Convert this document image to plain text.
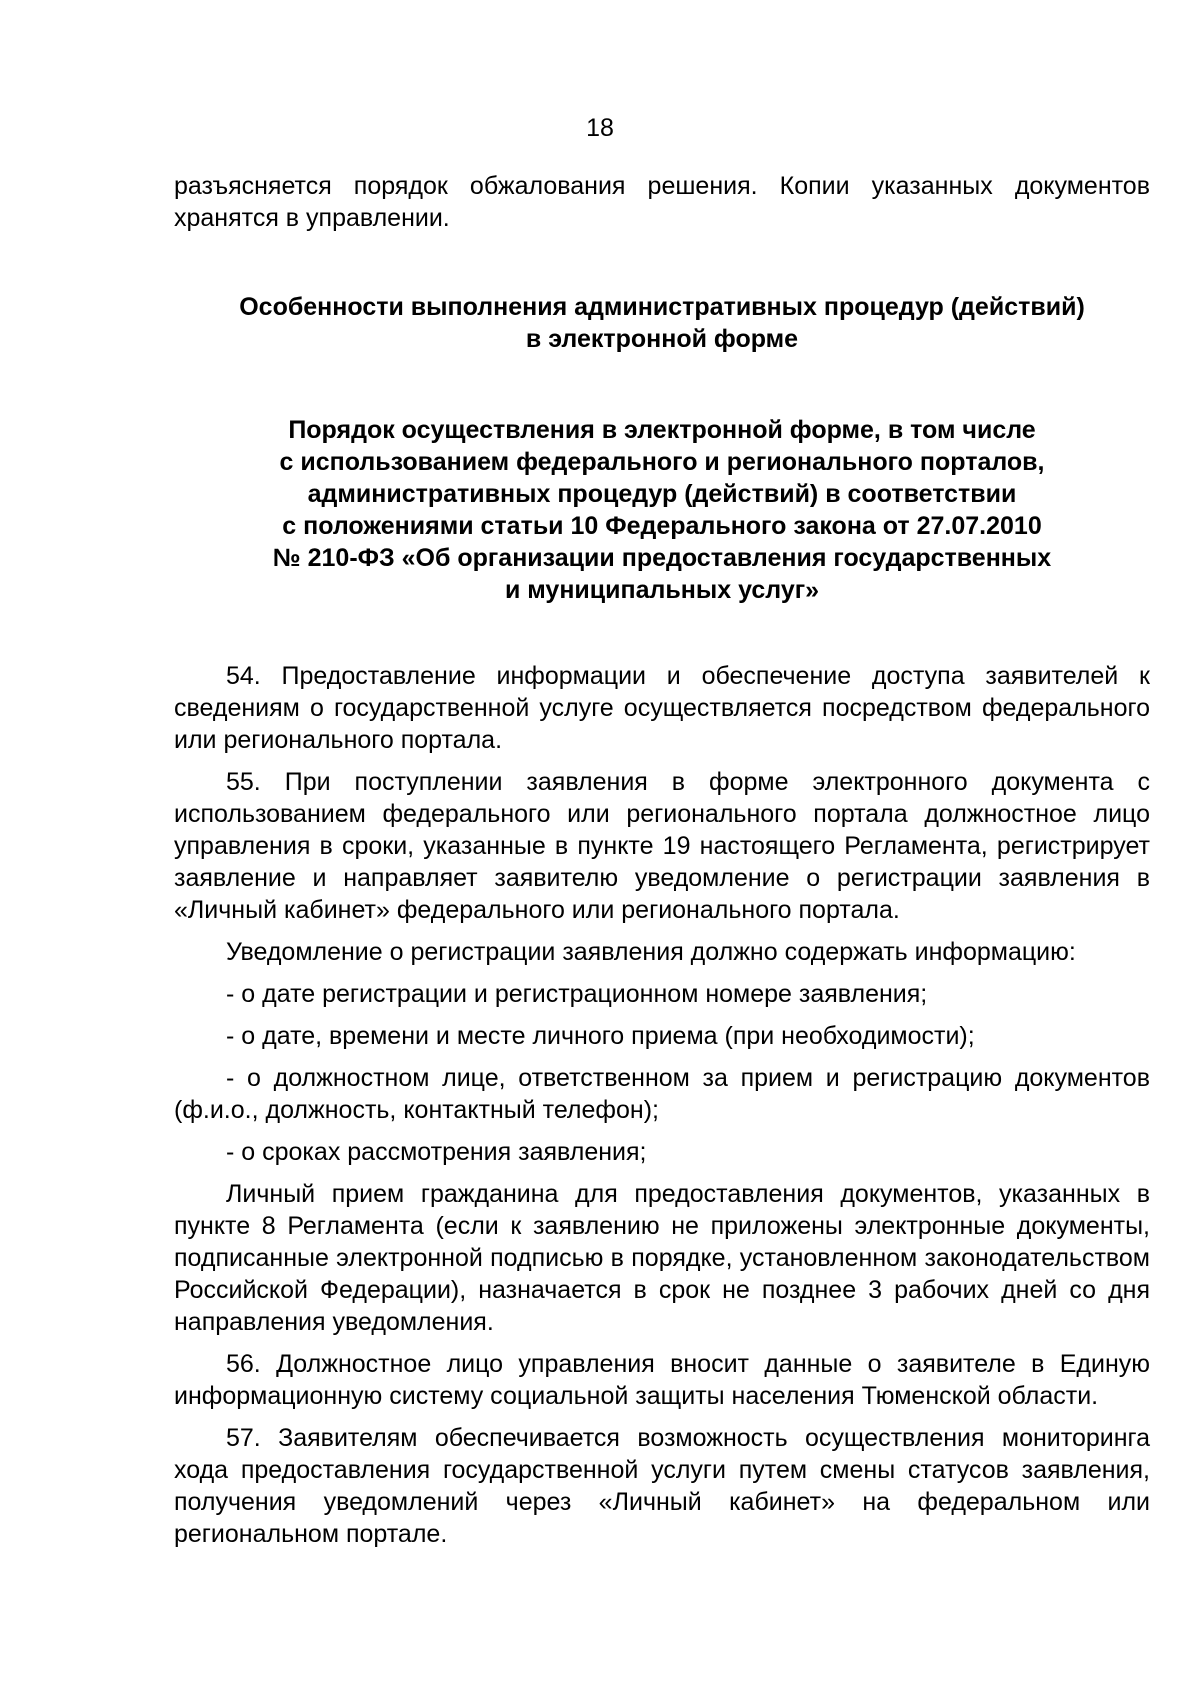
18

разъясняется порядок обжалования решения. Копии указанных документов хранятся в управлении.

Особенности выполнения административных процедур (действий)
в электронной форме
Порядок осуществления в электронной форме, в том числе
с использованием федерального и регионального порталов,
административных процедур (действий) в соответствии
с положениями статьи 10 Федерального закона от 27.07.2010
№ 210-ФЗ «Об организации предоставления государственных
и муниципальных услуг»

54. Предоставление информации и обеспечение доступа заявителей к сведениям о государственной услуге осуществляется посредством федерального или регионального портала.

55. При поступлении заявления в форме электронного документа с использованием федерального или регионального портала должностное лицо управления в сроки, указанные в пункте 19 настоящего Регламента, регистрирует заявление и направляет заявителю уведомление о регистрации заявления в «Личный кабинет» федерального или регионального портала.

Уведомление о регистрации заявления должно содержать информацию:

- о дате регистрации и регистрационном номере заявления;

- о дате, времени и месте личного приема (при необходимости);

- о должностном лице, ответственном за прием и регистрацию документов (ф.и.о., должность, контактный телефон);

- о сроках рассмотрения заявления;

Личный прием гражданина для предоставления документов, указанных в пункте 8 Регламента (если к заявлению не приложены электронные документы, подписанные электронной подписью в порядке, установленном законодательством Российской Федерации), назначается в срок не позднее 3 рабочих дней со дня направления уведомления.

56. Должностное лицо управления вносит данные о заявителе в Единую информационную систему социальной защиты населения Тюменской области.

57. Заявителям обеспечивается возможность осуществления мониторинга хода предоставления государственной услуги путем смены статусов заявления, получения уведомлений через «Личный кабинет» на федеральном или региональном портале.
